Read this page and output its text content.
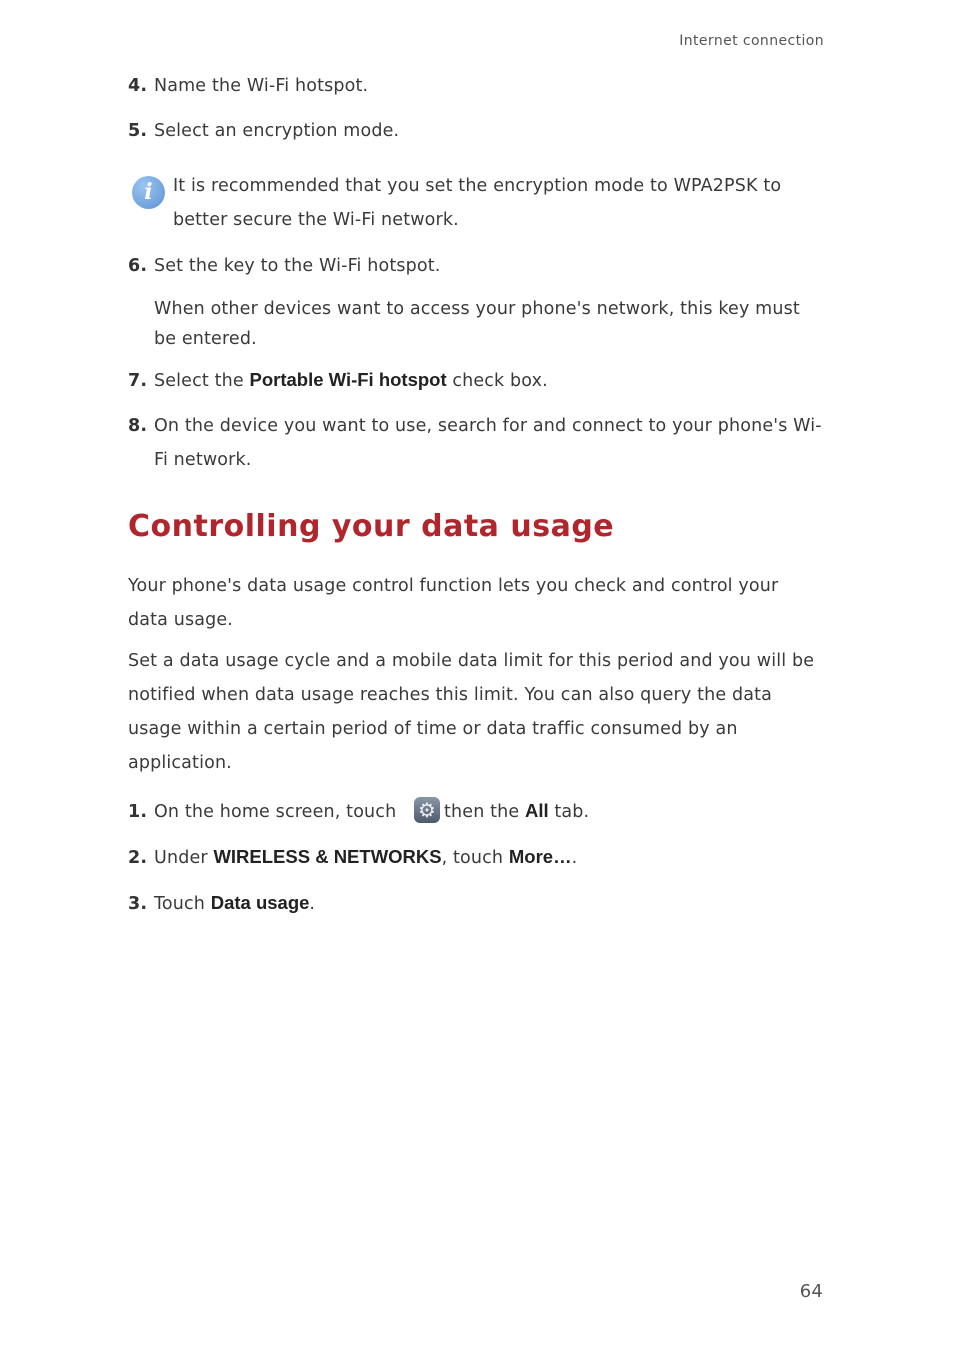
Internet connection

4. Name the Wi-Fi hotspot.

5. Select an encryption mode.

i	It is recommended that you set the encryption mode to WPA2PSK to

better secure the Wi-Fi network.

6. Set the key to the Wi-Fi hotspot.

When other devices want to access your phone's network, this key must

be entered.

7. Select the Portable Wi-Fi hotspot check box.

8. On the device you want to use, search for and connect to your phone's Wi-

Fi network.

Controlling your data usage

Your phone's data usage control function lets you check and control your

data usage.

Set a data usage cycle and a mobile data limit for this period and you will be

notified when data usage reaches this limit. You can also query the data

usage within a certain period of time or data traffic consumed by an

application.

1. On the home screen, touch ⚙then the All tab.

2. Under WIRELESS & NETWORKS, touch More….

3. Touch Data usage.

64
